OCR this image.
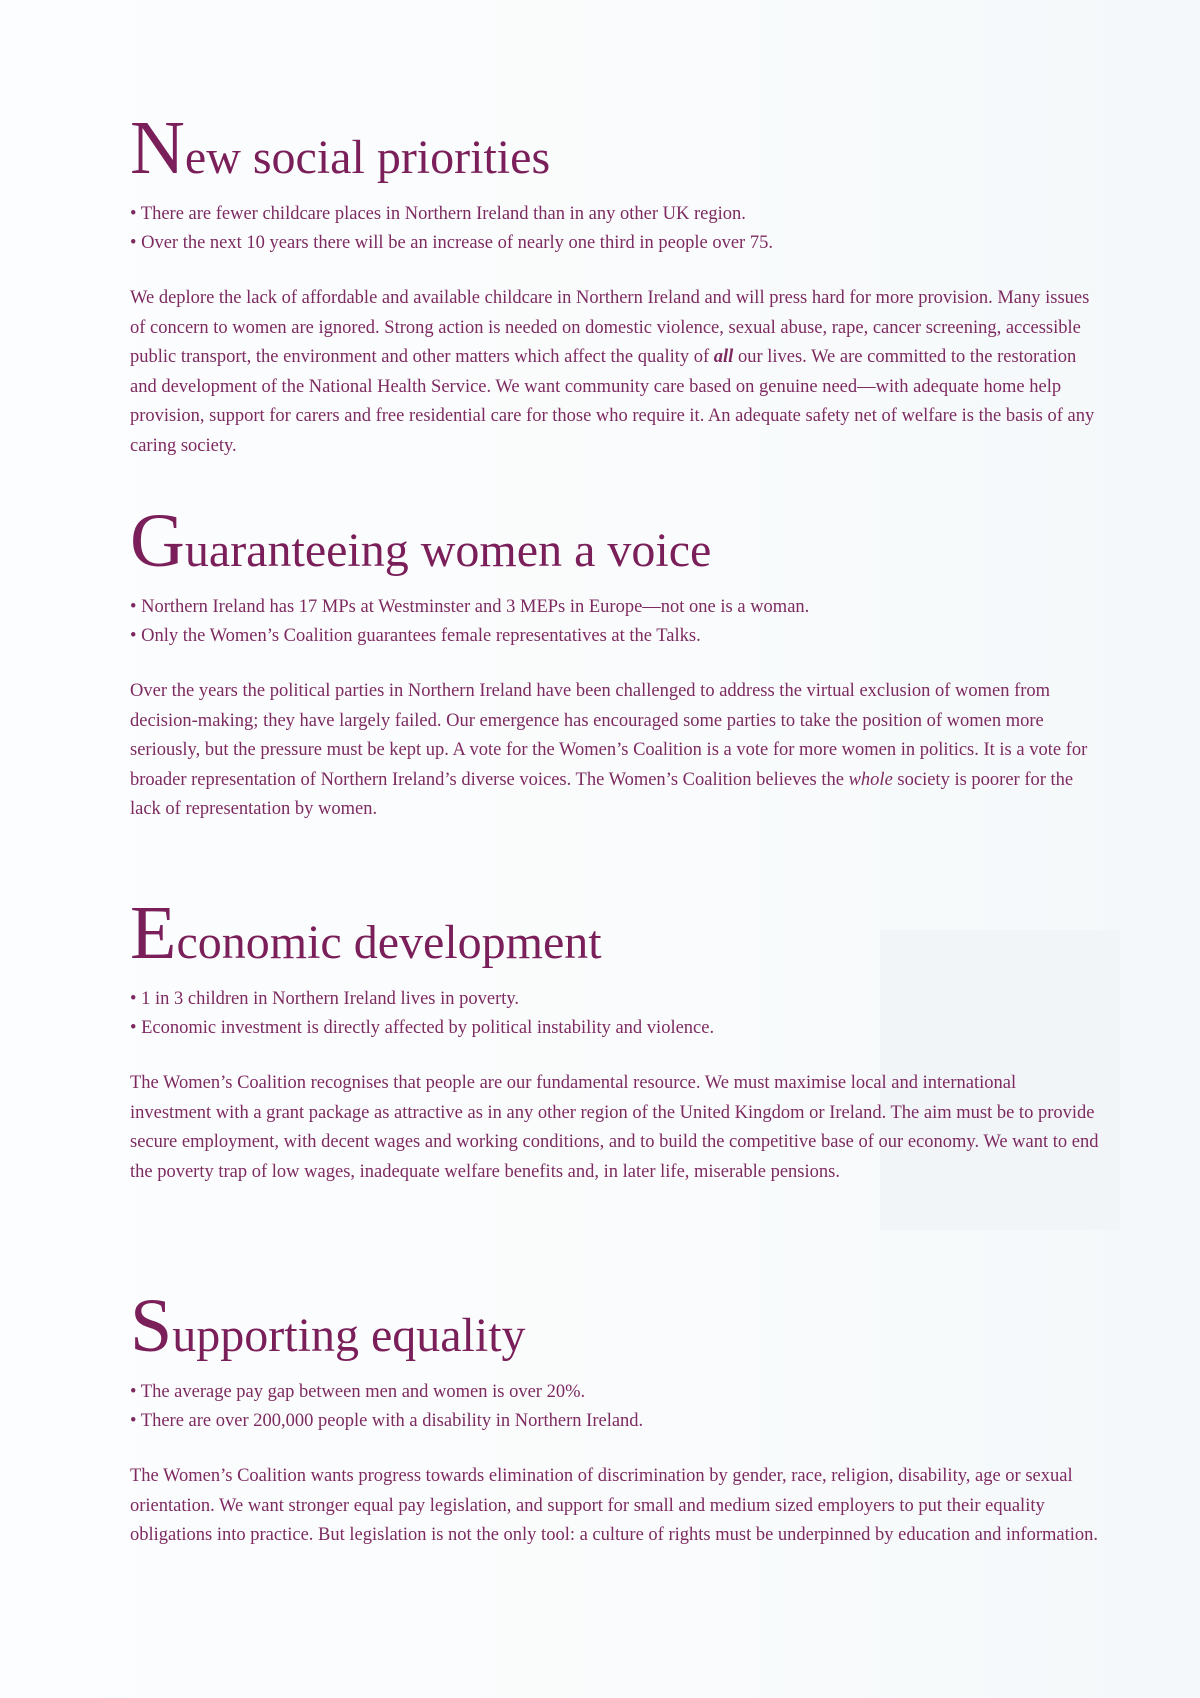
New social priorities
• There are fewer childcare places in Northern Ireland than in any other UK region.
• Over the next 10 years there will be an increase of nearly one third in people over 75.

We deplore the lack of affordable and available childcare in Northern Ireland and will press hard for more provision. Many issues of concern to women are ignored. Strong action is needed on domestic violence, sexual abuse, rape, cancer screening, accessible public transport, the environment and other matters which affect the quality of all our lives. We are committed to the restoration and development of the National Health Service. We want community care based on genuine need—with adequate home help provision, support for carers and free residential care for those who require it. An adequate safety net of welfare is the basis of any caring society.

Guaranteeing women a voice
• Northern Ireland has 17 MPs at Westminster and 3 MEPs in Europe—not one is a woman.
• Only the Women’s Coalition guarantees female representatives at the Talks.

Over the years the political parties in Northern Ireland have been challenged to address the virtual exclusion of women from decision-making; they have largely failed. Our emergence has encouraged some parties to take the position of women more seriously, but the pressure must be kept up. A vote for the Women’s Coalition is a vote for more women in politics. It is a vote for broader representation of Northern Ireland’s diverse voices. The Women’s Coalition believes the whole society is poorer for the lack of representation by women.

Economic development
• 1 in 3 children in Northern Ireland lives in poverty.
• Economic investment is directly affected by political instability and violence.

The Women’s Coalition recognises that people are our fundamental resource. We must maximise local and international investment with a grant package as attractive as in any other region of the United Kingdom or Ireland. The aim must be to provide secure employment, with decent wages and working conditions, and to build the competitive base of our economy. We want to end the poverty trap of low wages, inadequate welfare benefits and, in later life, miserable pensions.

Supporting equality
• The average pay gap between men and women is over 20%.
• There are over 200,000 people with a disability in Northern Ireland.

The Women’s Coalition wants progress towards elimination of discrimination by gender, race, religion, disability, age or sexual orientation. We want stronger equal pay legislation, and support for small and medium sized employers to put their equality obligations into practice. But legislation is not the only tool: a culture of rights must be underpinned by education and information.
